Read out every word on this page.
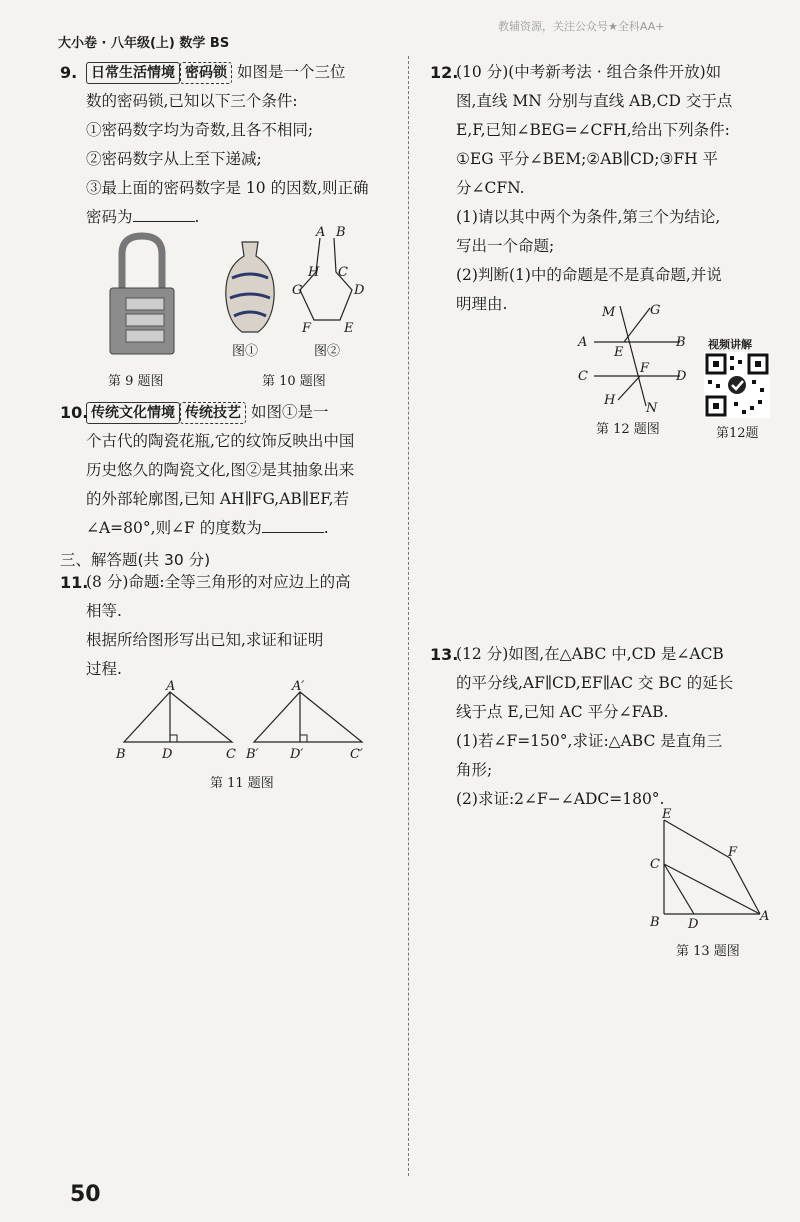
大小卷 · 八年级(上) 数学 BS
教辅资源，关注公众号★全科AA+
9. 日常生活情境 密码锁 如图是一个三位
数的密码锁,已知以下三个条件:
①密码数字均为奇数,且各不相同;
②密码数字从上至下递减;
③最上面的密码数字是 10 的因数,则正确
密码为	.
第 9 题图
图①
A B
H C
G	D
F	E
图②
第 10 题图
10. 传统文化情境 传统技艺 如图①是一
个古代的陶瓷花瓶,它的纹饰反映出中国
历史悠久的陶瓷文化,图②是其抽象出来
的外部轮廓图,已知 AH∥FG,AB∥EF,若
∠A=80°,则∠F 的度数为	.
三、解答题(共 30 分)
11.
(8 分)命题:全等三角形的对应边上的高
相等.
根据所给图形写出已知,求证和证明
过程.
A
B	D	C
A′
B′ D′	C′
第 11 题图
12.
(10 分)(中考新考法 · 组合条件开放)如
图,直线 MN 分别与直线 AB,CD 交于点
E,F,已知∠BEG=∠CFH,给出下列条件:
①EG 平分∠BEM;②AB∥CD;③FH 平
分∠CFN.
(1)请以其中两个为条件,第三个为结论,
写出一个命题;
(2)判断(1)中的命题是不是真命题,并说
明理由.	M	G
A	B
E
C
F
D
H
N
第 12 题图
视频讲解
第12题
13.
(12 分)如图,在△ABC 中,CD 是∠ACB
的平分线,AF∥CD,EF∥AC 交 BC 的延长
线于点 E,已知 AC 平分∠FAB.
(1)若∠F=150°,求证:△ABC 是直角三
角形;
(2)求证:2∠F−∠ADC=180°.
E
F
C
B D
A
第 13 题图
50
